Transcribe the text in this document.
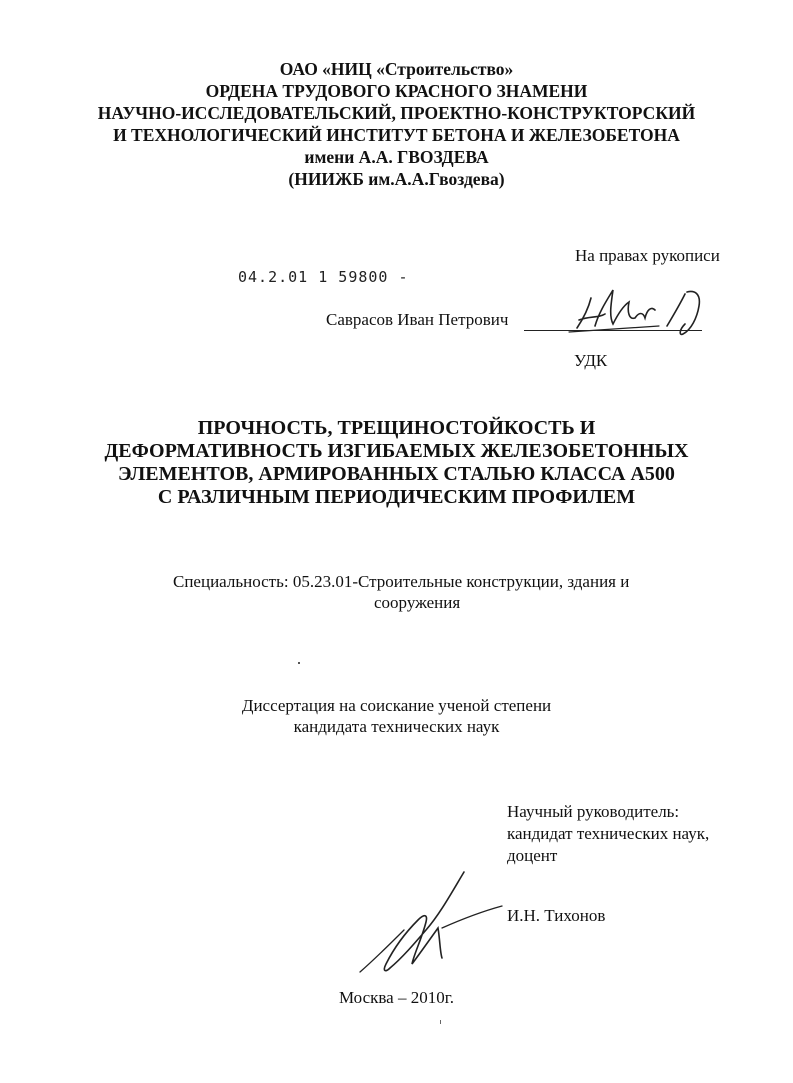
ОАО «НИЦ «Строительство»
ОРДЕНА ТРУДОВОГО КРАСНОГО ЗНАМЕНИ
НАУЧНО-ИССЛЕДОВАТЕЛЬСКИЙ, ПРОЕКТНО-КОНСТРУКТОРСКИЙ
И ТЕХНОЛОГИЧЕСКИЙ ИНСТИТУТ БЕТОНА И ЖЕЛЕЗОБЕТОНА
имени А.А. ГВОЗДЕВА
(НИИЖБ им.А.А.Гвоздева)
На правах рукописи
04.2.01 1 59800 -
Саврасов Иван Петрович
УДК
ПРОЧНОСТЬ, ТРЕЩИНОСТОЙКОСТЬ И
ДЕФОРМАТИВНОСТЬ ИЗГИБАЕМЫХ ЖЕЛЕЗОБЕТОННЫХ
ЭЛЕМЕНТОВ, АРМИРОВАННЫХ СТАЛЬЮ КЛАССА А500
С РАЗЛИЧНЫМ ПЕРИОДИЧЕСКИМ ПРОФИЛЕМ
Специальность: 05.23.01-Строительные конструкции, здания и
сооружения
Диссертация на соискание ученой степени
кандидата технических наук
Научный руководитель:
кандидат технических наук,
доцент
И.Н. Тихонов
Москва – 2010г.
